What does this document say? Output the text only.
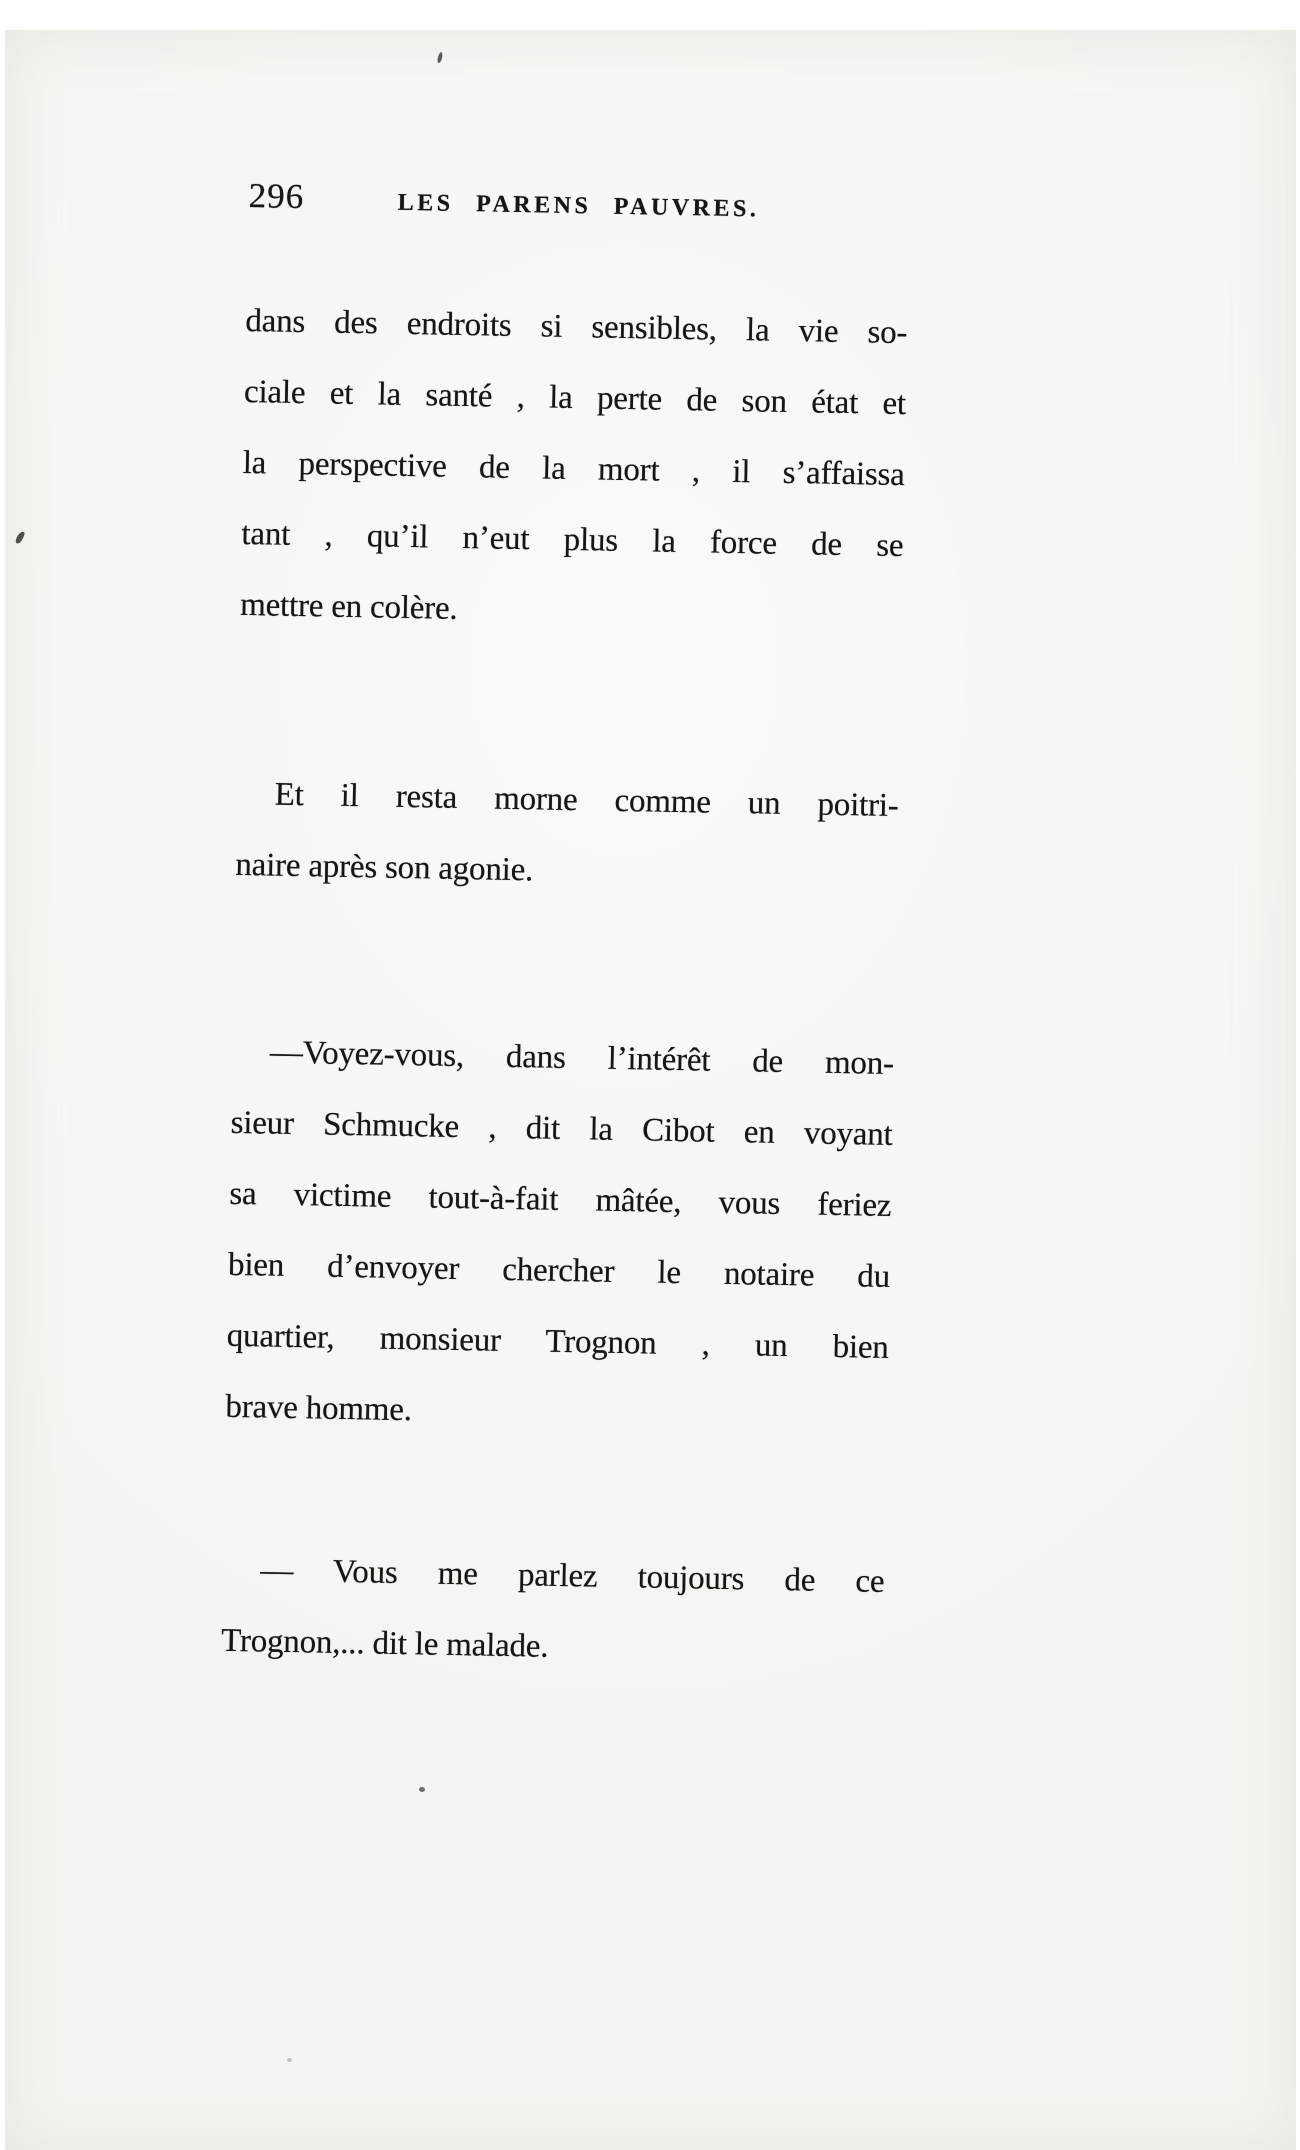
296	LES PARENS PAUVRES.
dans des endroits si sensibles, la vie so-
ciale et la santé , la perte de son état et
la perspective de la mort , il s’affaissa
tant , qu’il n’eut plus la force de se
mettre en colère.
Et il resta morne comme un poitri-
naire après son agonie.
—Voyez-vous, dans l’intérêt de mon-
sieur Schmucke , dit la Cibot en voyant
sa victime tout-à-fait mâtée, vous feriez
bien d’envoyer chercher le notaire du
quartier, monsieur Trognon , un bien
brave homme.
— Vous me parlez toujours de ce
Trognon,... dit le malade.
